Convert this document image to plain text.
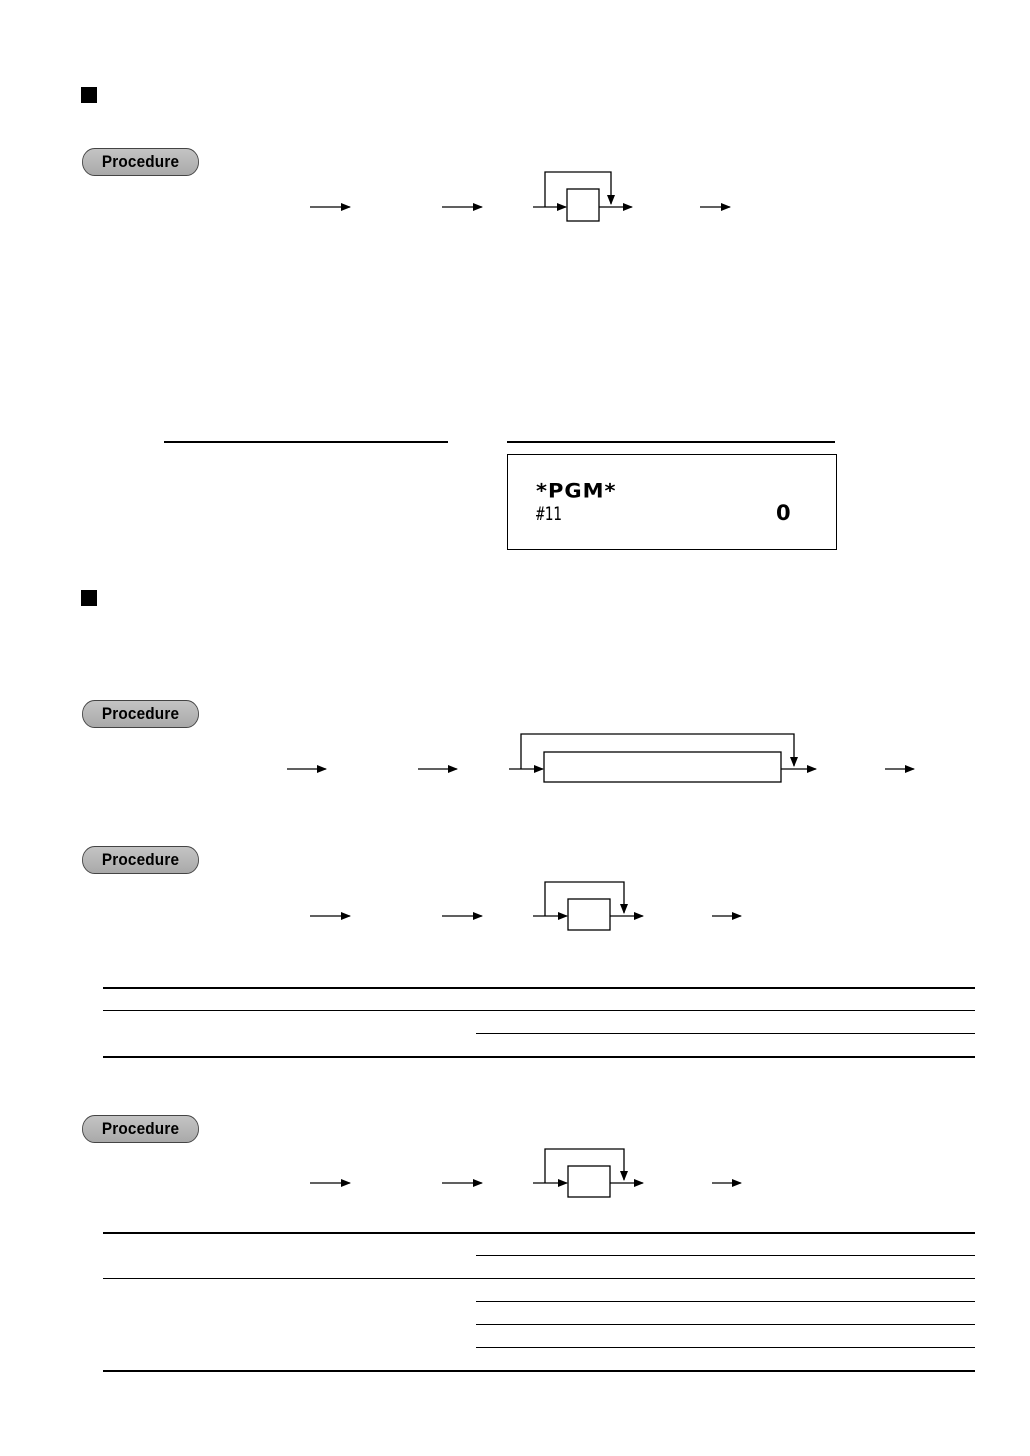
Procedure
Procedure
Procedure
Procedure
*PGM*
#11	0
